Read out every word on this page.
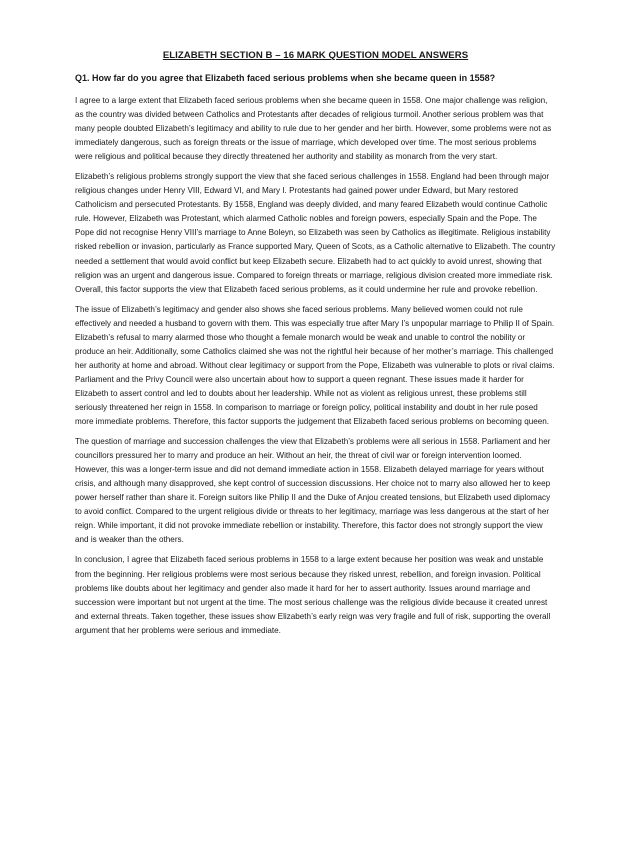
ELIZABETH SECTION B – 16 MARK QUESTION MODEL ANSWERS
Q1. How far do you agree that Elizabeth faced serious problems when she became queen in 1558?

I agree to a large extent that Elizabeth faced serious problems when she became queen in 1558. One major challenge was religion, as the country was divided between Catholics and Protestants after decades of religious turmoil. Another serious problem was that many people doubted Elizabeth’s legitimacy and ability to rule due to her gender and her birth. However, some problems were not as immediately dangerous, such as foreign threats or the issue of marriage, which developed over time. The most serious problems were religious and political because they directly threatened her authority and stability as monarch from the very start.

Elizabeth’s religious problems strongly support the view that she faced serious challenges in 1558. England had been through major religious changes under Henry VIII, Edward VI, and Mary I. Protestants had gained power under Edward, but Mary restored Catholicism and persecuted Protestants. By 1558, England was deeply divided, and many feared Elizabeth would continue Catholic rule. However, Elizabeth was Protestant, which alarmed Catholic nobles and foreign powers, especially Spain and the Pope. The Pope did not recognise Henry VIII’s marriage to Anne Boleyn, so Elizabeth was seen by Catholics as illegitimate. Religious instability risked rebellion or invasion, particularly as France supported Mary, Queen of Scots, as a Catholic alternative to Elizabeth. The country needed a settlement that would avoid conflict but keep Elizabeth secure. Elizabeth had to act quickly to avoid unrest, showing that religion was an urgent and dangerous issue. Compared to foreign threats or marriage, religious division created more immediate risk. Overall, this factor supports the view that Elizabeth faced serious problems, as it could undermine her rule and provoke rebellion.

The issue of Elizabeth’s legitimacy and gender also shows she faced serious problems. Many believed women could not rule effectively and needed a husband to govern with them. This was especially true after Mary I’s unpopular marriage to Philip II of Spain. Elizabeth’s refusal to marry alarmed those who thought a female monarch would be weak and unable to control the nobility or produce an heir. Additionally, some Catholics claimed she was not the rightful heir because of her mother’s marriage. This challenged her authority at home and abroad. Without clear legitimacy or support from the Pope, Elizabeth was vulnerable to plots or rival claims. Parliament and the Privy Council were also uncertain about how to support a queen regnant. These issues made it harder for Elizabeth to assert control and led to doubts about her leadership. While not as violent as religious unrest, these problems still seriously threatened her reign in 1558. In comparison to marriage or foreign policy, political instability and doubt in her rule posed more immediate problems. Therefore, this factor supports the judgement that Elizabeth faced serious problems on becoming queen.

The question of marriage and succession challenges the view that Elizabeth’s problems were all serious in 1558. Parliament and her councillors pressured her to marry and produce an heir. Without an heir, the threat of civil war or foreign intervention loomed. However, this was a longer-term issue and did not demand immediate action in 1558. Elizabeth delayed marriage for years without crisis, and although many disapproved, she kept control of succession discussions. Her choice not to marry also allowed her to keep power herself rather than share it. Foreign suitors like Philip II and the Duke of Anjou created tensions, but Elizabeth used diplomacy to avoid conflict. Compared to the urgent religious divide or threats to her legitimacy, marriage was less dangerous at the start of her reign. While important, it did not provoke immediate rebellion or instability. Therefore, this factor does not strongly support the view and is weaker than the others.

In conclusion, I agree that Elizabeth faced serious problems in 1558 to a large extent because her position was weak and unstable from the beginning. Her religious problems were most serious because they risked unrest, rebellion, and foreign invasion. Political problems like doubts about her legitimacy and gender also made it hard for her to assert authority. Issues around marriage and succession were important but not urgent at the time. The most serious challenge was the religious divide because it created unrest and external threats. Taken together, these issues show Elizabeth’s early reign was very fragile and full of risk, supporting the overall argument that her problems were serious and immediate.
